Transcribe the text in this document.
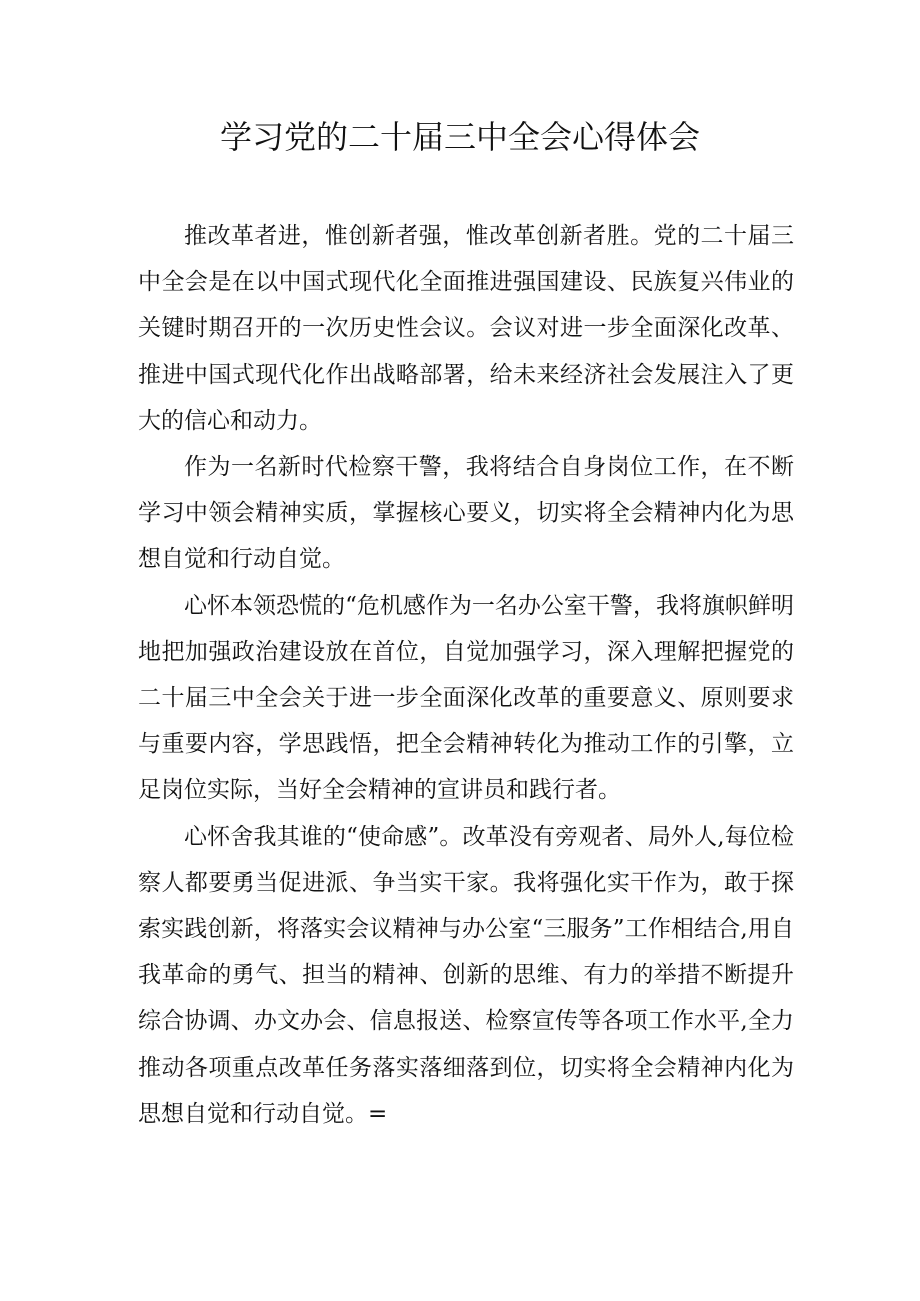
学习党的二十届三中全会心得体会

推改革者进，惟创新者强，惟改革创新者胜。党的二十届三中全会是在以中国式现代化全面推进强国建设、民族复兴伟业的关键时期召开的一次历史性会议。会议对进一步全面深化改革、推进中国式现代化作出战略部署，给未来经济社会发展注入了更大的信心和动力。

作为一名新时代检察干警，我将结合自身岗位工作，在不断学习中领会精神实质，掌握核心要义，切实将全会精神内化为思想自觉和行动自觉。

心怀本领恐慌的“危机感作为一名办公室干警，我将旗帜鲜明地把加强政治建设放在首位，自觉加强学习，深入理解把握党的二十届三中全会关于进一步全面深化改革的重要意义、原则要求与重要内容，学思践悟，把全会精神转化为推动工作的引擎，立足岗位实际，当好全会精神的宣讲员和践行者。

心怀舍我其谁的“使命感”。改革没有旁观者、局外人,每位检察人都要勇当促进派、争当实干家。我将强化实干作为，敢于探索实践创新，将落实会议精神与办公室“三服务”工作相结合,用自我革命的勇气、担当的精神、创新的思维、有力的举措不断提升综合协调、办文办会、信息报送、检察宣传等各项工作水平,全力推动各项重点改革任务落实落细落到位，切实将全会精神内化为思想自觉和行动自觉。=
